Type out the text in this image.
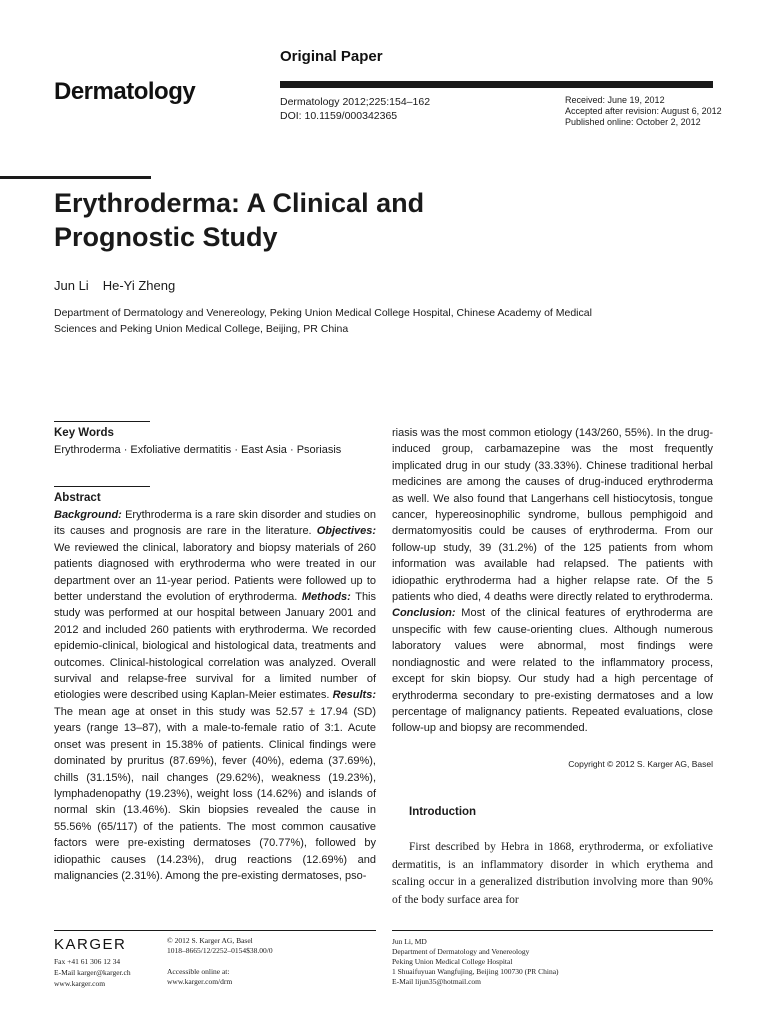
Original Paper
Dermatology	Dermatology 2012;225:154–162
DOI: 10.1159/000342365
Received: June 19, 2012
Accepted after revision: August 6, 2012
Published online: October 2, 2012
Erythroderma: A Clinical and
Prognostic Study
Jun Li He-Yi Zheng
Department of Dermatology and Venereology, Peking Union Medical College Hospital, Chinese Academy of Medical Sciences and Peking Union Medical College, Beijing, PR China
Key Words
Erythroderma · Exfoliative dermatitis · East Asia · Psoriasis
Abstract
Background: Erythroderma is a rare skin disorder and studies on its causes and prognosis are rare in the literature. Objectives: We reviewed the clinical, laboratory and biopsy materials of 260 patients diagnosed with erythroderma who were treated in our department over an 11-year period. Patients were followed up to better understand the evolution of erythroderma. Methods: This study was performed at our hospital between January 2001 and 2012 and included 260 patients with erythroderma. We recorded epidemio-clinical, biological and histological data, treatments and outcomes. Clinical-histological correlation was analyzed. Overall survival and relapse-free survival for a limited number of etiologies were described using Kaplan-Meier estimates. Results: The mean age at onset in this study was 52.57 ± 17.94 (SD) years (range 13–87), with a male-to-female ratio of 3:1. Acute onset was present in 15.38% of patients. Clinical findings were dominated by pruritus (87.69%), fever (40%), edema (37.69%), chills (31.15%), nail changes (29.62%), weakness (19.23%), lymphadenopathy (19.23%), weight loss (14.62%) and islands of normal skin (13.46%). Skin biopsies revealed the cause in 55.56% (65/117) of the patients. The most common causative factors were pre-existing dermatoses (70.77%), followed by idiopathic causes (14.23%), drug reactions (12.69%) and malignancies (2.31%). Among the pre-existing dermatoses, pso-
riasis was the most common etiology (143/260, 55%). In the drug-induced group, carbamazepine was the most frequently implicated drug in our study (33.33%). Chinese traditional herbal medicines are among the causes of drug-induced erythroderma as well. We also found that Langerhans cell histiocytosis, tongue cancer, hypereosinophilic syndrome, bullous pemphigoid and dermatomyositis could be causes of erythroderma. From our follow-up study, 39 (31.2%) of the 125 patients from whom information was available had relapsed. The patients with idiopathic erythroderma had a higher relapse rate. Of the 5 patients who died, 4 deaths were directly related to erythroderma. Conclusion: Most of the clinical features of erythroderma are unspecific with few cause-orienting clues. Although numerous laboratory values were abnormal, most findings were nondiagnostic and were related to the inflammatory process, except for skin biopsy. Our study had a high percentage of erythroderma secondary to pre-existing dermatoses and a low percentage of malignancy patients. Repeated evaluations, close follow-up and biopsy are recommended.
Copyright © 2012 S. Karger AG, Basel
Introduction
First described by Hebra in 1868, erythroderma, or exfoliative dermatitis, is an inflammatory disorder in which erythema and scaling occur in a generalized distribution involving more than 90% of the body surface area for
KARGER
Fax +41 61 306 12 34
E-Mail karger@karger.ch
www.karger.com
© 2012 S. Karger AG, Basel
1018–8665/12/2252–0154$38.00/0
Accessible online at:
www.karger.com/drm
Jun Li, MD
Department of Dermatology and Venereology
Peking Union Medical College Hospital
1 Shuaifuyuan Wangfujing, Beijing 100730 (PR China)
E-Mail lijun35@hotmail.com
